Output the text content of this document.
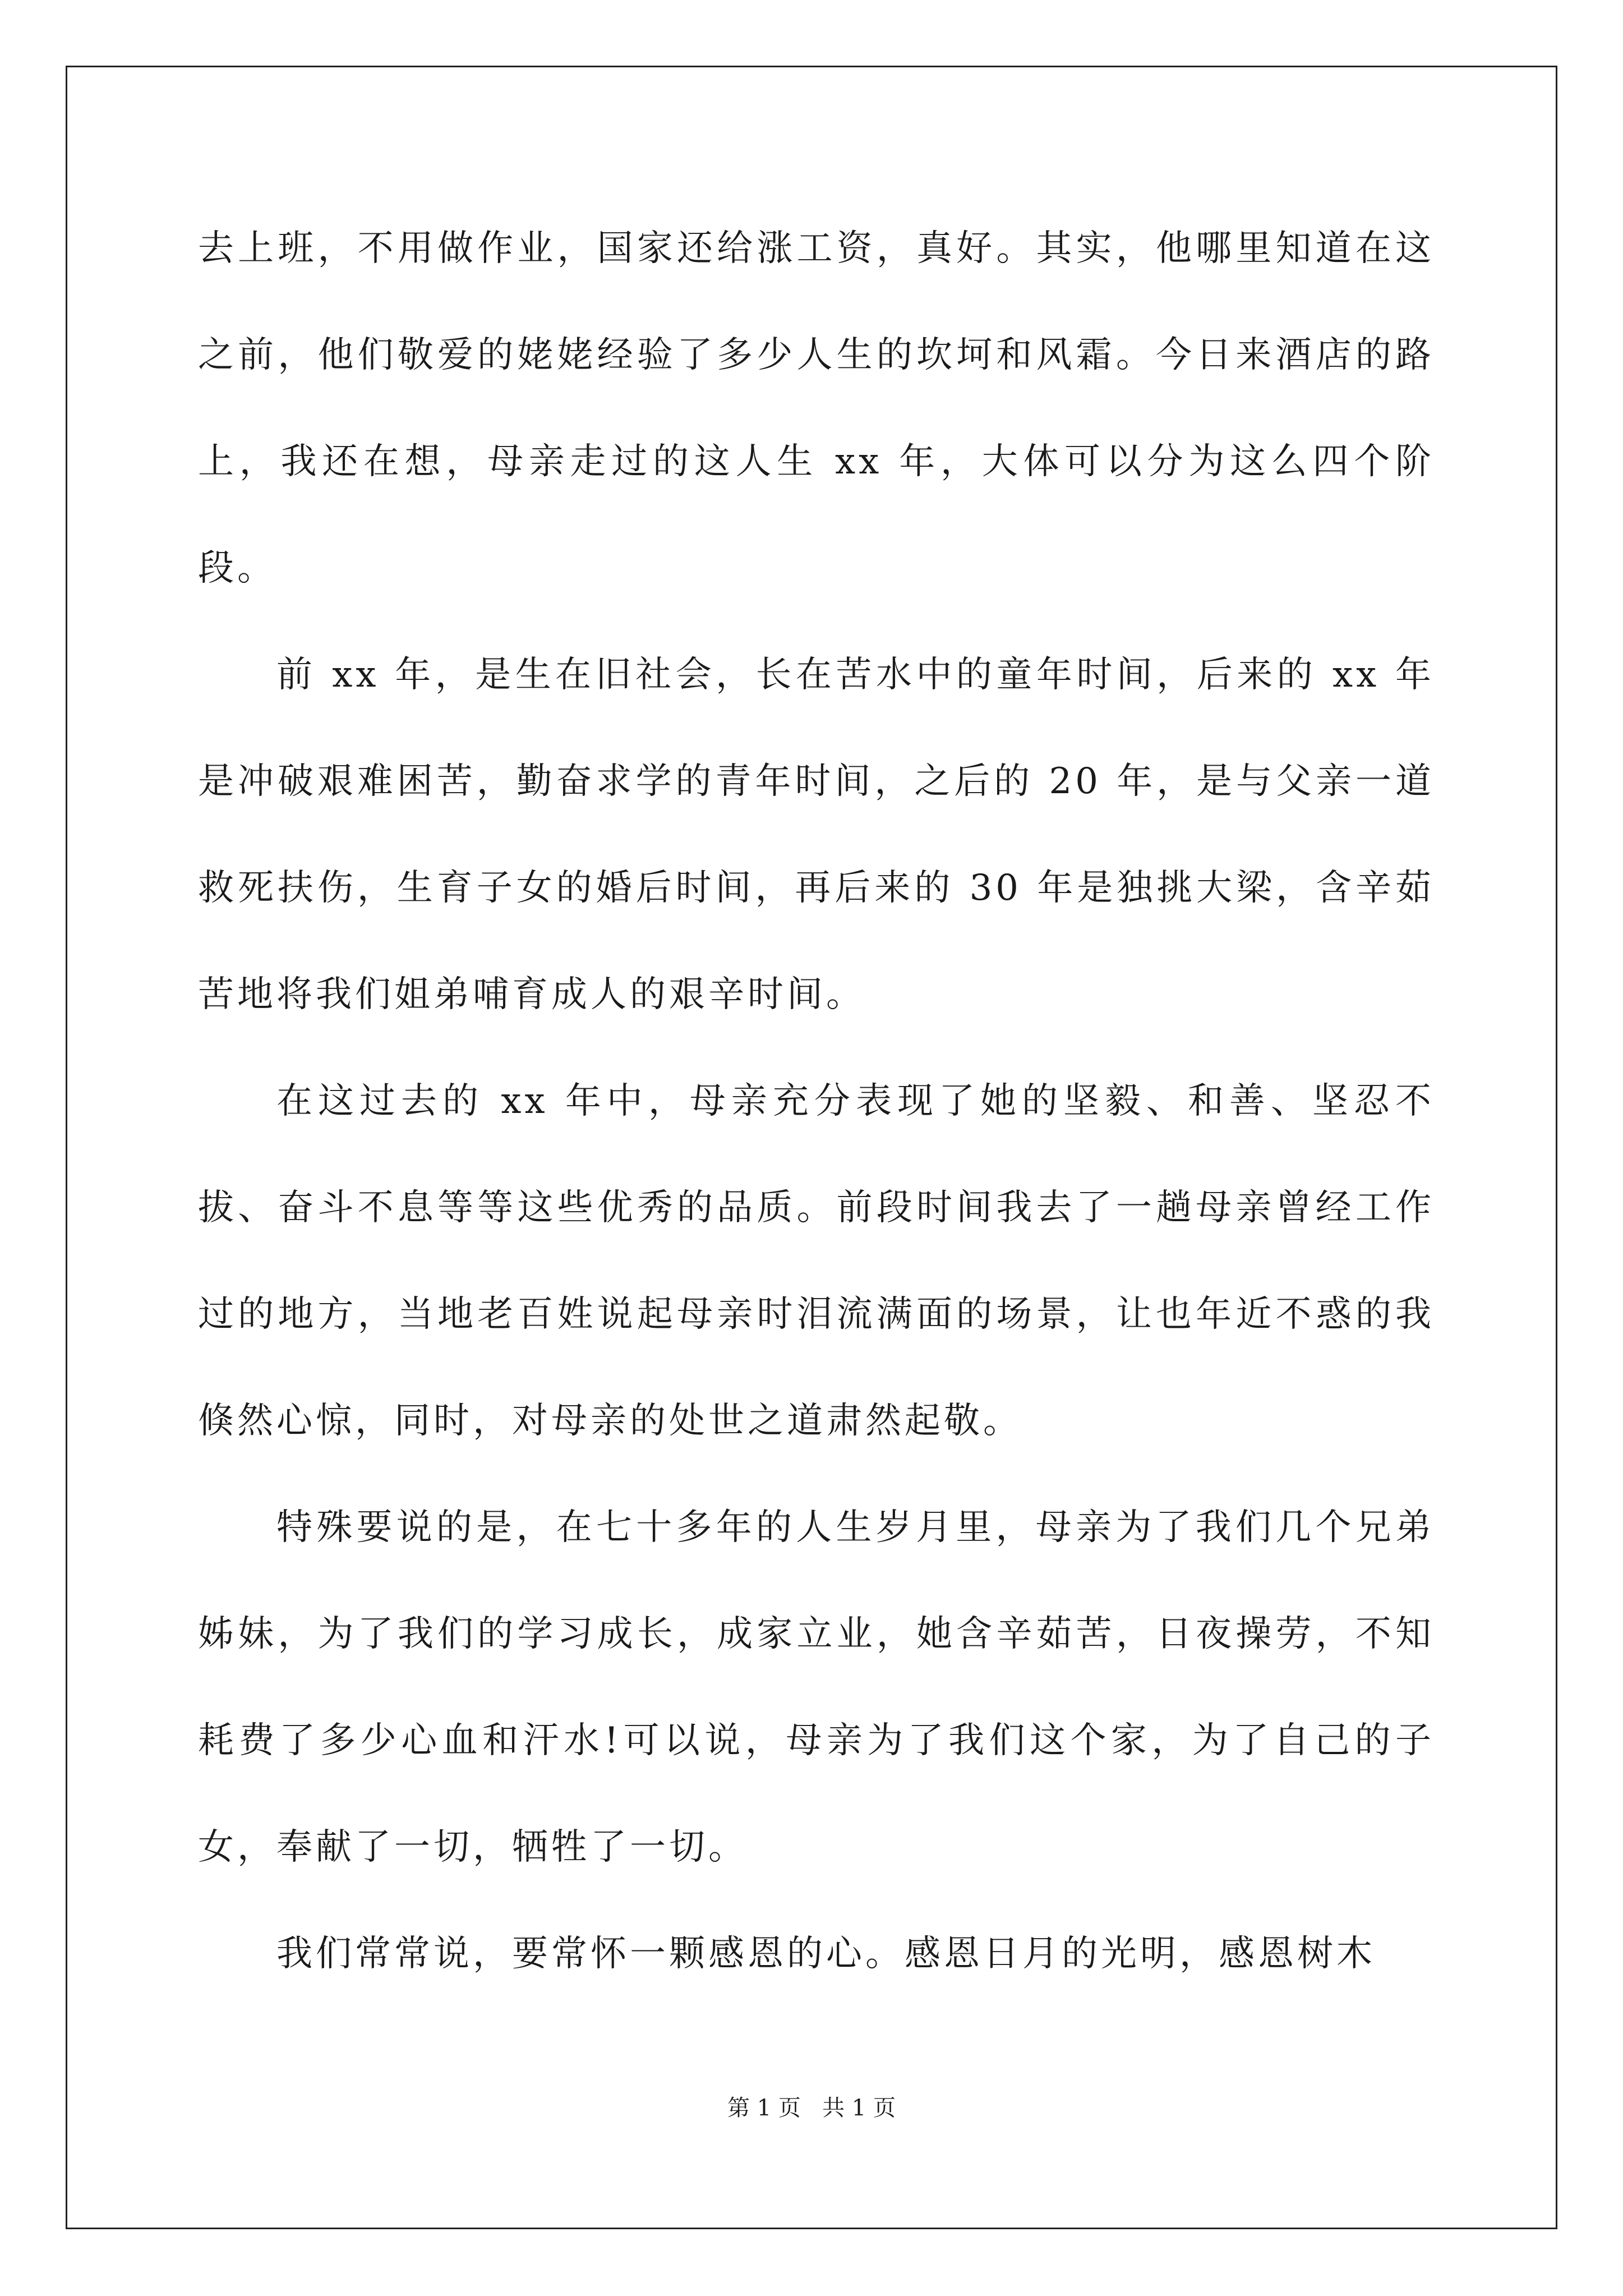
去上班，不用做作业，国家还给涨工资，真好。其实，他哪里知道在这之前，他们敬爱的姥姥经验了多少人生的坎坷和风霜。今日来酒店的路上，我还在想，母亲走过的这人生 xx 年，大体可以分为这么四个阶段。

前 xx 年，是生在旧社会，长在苦水中的童年时间，后来的 xx 年是冲破艰难困苦，勤奋求学的青年时间，之后的 20 年，是与父亲一道救死扶伤，生育子女的婚后时间，再后来的 30 年是独挑大梁，含辛茹苦地将我们姐弟哺育成人的艰辛时间。

在这过去的 xx 年中，母亲充分表现了她的坚毅、和善、坚忍不拔、奋斗不息等等这些优秀的品质。前段时间我去了一趟母亲曾经工作过的地方，当地老百姓说起母亲时泪流满面的场景，让也年近不惑的我倏然心惊，同时，对母亲的处世之道肃然起敬。

特殊要说的是，在七十多年的人生岁月里，母亲为了我们几个兄弟姊妹，为了我们的学习成长，成家立业，她含辛茹苦，日夜操劳，不知耗费了多少心血和汗水!可以说，母亲为了我们这个家，为了自己的子女，奉献了一切，牺牲了一切。

我们常常说，要常怀一颗感恩的心。感恩日月的光明，感恩树木

第 1 页   共 1 页
